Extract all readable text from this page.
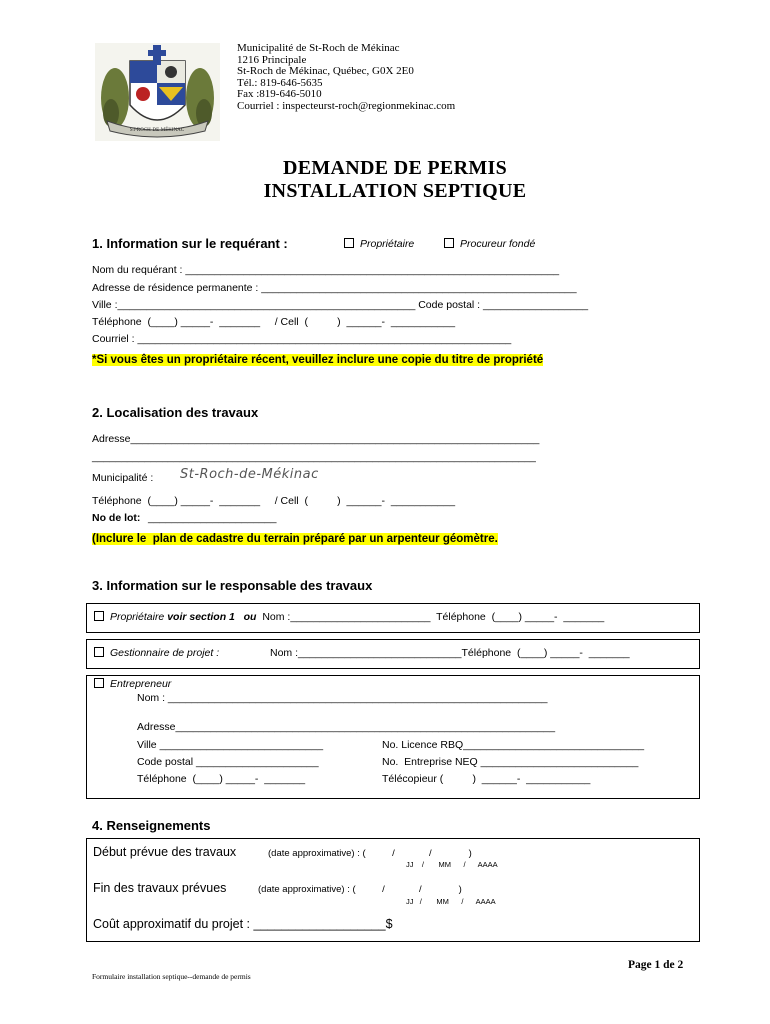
ST-ROCH-DE-MÉKINAC
Municipalité de St-Roch de Mékinac
1216 Principale
St-Roch de Mékinac, Québec, G0X 2E0
Tél.: 819-646-5635
Fax :819-646-5010
Courriel : inspecteurst-roch@regionmekinac.com
DEMANDE DE PERMIS
INSTALLATION SEPTIQUE
1. Information sur le requérant :	Propriétaire	Procureur fondé
Nom du requérant : ________________________________________________________________
Adresse de résidence permanente : ______________________________________________________
Ville :___________________________________________________ Code postal : __________________
Téléphone  (____) _____-  _______     / Cell  (          )  ______-  ___________
Courriel : ________________________________________________________________
*Si vous êtes un propriétaire récent, veuillez inclure une copie du titre de propriété
2. Localisation des travaux
Adresse______________________________________________________________________
____________________________________________________________________________
Municipalité : St-Roch-de-Mékinac
Téléphone  (____) _____-  _______     / Cell  (          )  ______-  ___________
No de lot: ______________________
(Inclure le  plan de cadastre du terrain préparé par un arpenteur géomètre.
3. Information sur le responsable des travaux
Propriétaire voir section 1   ou Nom :________________________  Téléphone  (____) _____-  _______
Gestionnaire de projet :	Nom :____________________________Téléphone  (____) _____-  _______
Entrepreneur
Nom : _________________________________________________________________
Adresse_________________________________________________________________
Ville ____________________________	No. Licence RBQ_______________________________
Code postal _____________________	No.  Entreprise NEQ ___________________________
Téléphone  (____) _____-  _______	Télécopieur (          )  ______-  ___________
4. Renseignements
Début prévue des travaux	(date approximative) : (          /             /              )
JJ    /       MM      /      AAAA
Fin des travaux prévues	(date approximative) : (          /             /              )
JJ   /       MM      /      AAAA
Coût approximatif du projet : ___________________$
Page 1 de 2
Formulaire installation septique--demande de permis
